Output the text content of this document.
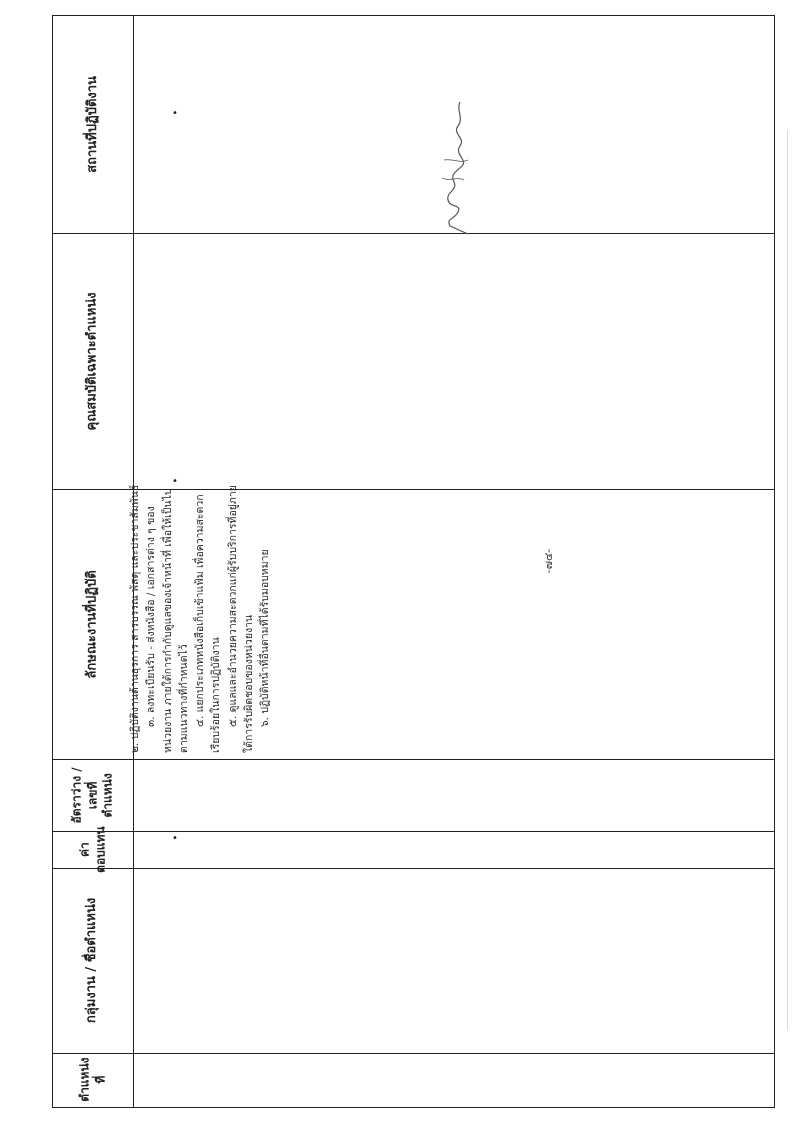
-๗๔-
สถานที่ปฏิบัติงาน
คุณสมบัติเฉพาะตำแหน่ง
ลักษณะงานที่ปฏิบัติ
อัตราว่าง /
เลขที่
ตำแหน่ง
ค่า
ตอบแทน
กลุ่มงาน / ชื่อตำแหน่ง
ตำแหน่ง
ที่

๒. ปฏิบัติงานด้านธุรการ สารบรรณ พัสดุ และประชาสัมพันธ์ ๓. ลงทะเบียนรับ - ส่งหนังสือ / เอกสารต่าง ๆ ของหน่วยงาน ภายใต้การกำกับดูแลของเจ้าหน้าที่ เพื่อให้เป็นไปตามแนวทางที่กำหนดไว้ ๔. แยกประเภทหนังสือเก็บเข้าแฟ้ม เพื่อความสะดวกเรียบร้อยในการปฏิบัติงาน ๕. ดูแลและอำนวยความสะดวกแก่ผู้รับบริการที่อยู่ภายใต้การรับผิดชอบของหน่วยงาน ๖. ปฏิบัติหน้าที่อื่นตามที่ได้รับมอบหมาย

•
•
•
